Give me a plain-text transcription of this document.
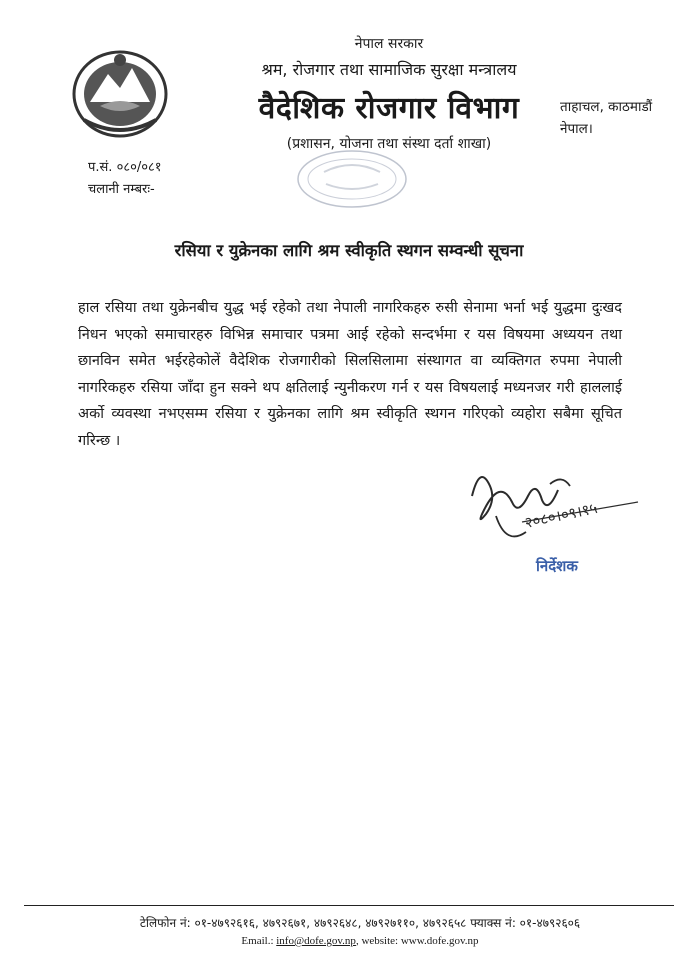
नेपाल सरकार
श्रम, रोजगार तथा सामाजिक सुरक्षा मन्त्रालय
वैदेशिक रोजगार विभाग
(प्रशासन, योजना तथा संस्था दर्ता शाखा)
ताहाचल, काठमाडौं
नेपाल।
प.सं. ०८०/०८१
चलानी नम्बरः-
रसिया र युक्रेनका लागि श्रम स्वीकृति स्थगन सम्वन्धी सूचना
हाल रसिया तथा युक्रेनबीच युद्ध भई रहेको तथा नेपाली नागरिकहरु रुसी सेनामा भर्ना भई युद्धमा दुःखद निधन भएको समाचारहरु विभिन्न समाचार पत्रमा आई रहेको सन्दर्भमा र यस विषयमा अध्ययन तथा छानविन समेत भईरहेकोलें वैदेशिक रोजगारीको सिलसिलामा संस्थागत वा व्यक्तिगत रुपमा नेपाली नागरिकहरु रसिया जाँदा हुन सक्ने थप क्षतिलाई न्युनीकरण गर्न र यस विषयलाई मध्यनजर गरी हाललाई अर्को व्यवस्था नभएसम्म रसिया र युक्रेनका लागि श्रम स्वीकृति स्थगन गरिएको व्यहोरा सबैमा सूचित गरिन्छ ।
२०८०।०९।१५
निर्देशक
टेलिफोन नं: ०१-४७९२६१६, ४७९२६७१, ४७९२६४८, ४७९२७११०, ४७९२६५८ फ्याक्स नं: ०१-४७९२६०६
Email.: info@dofe.gov.np, website: www.dofe.gov.np
